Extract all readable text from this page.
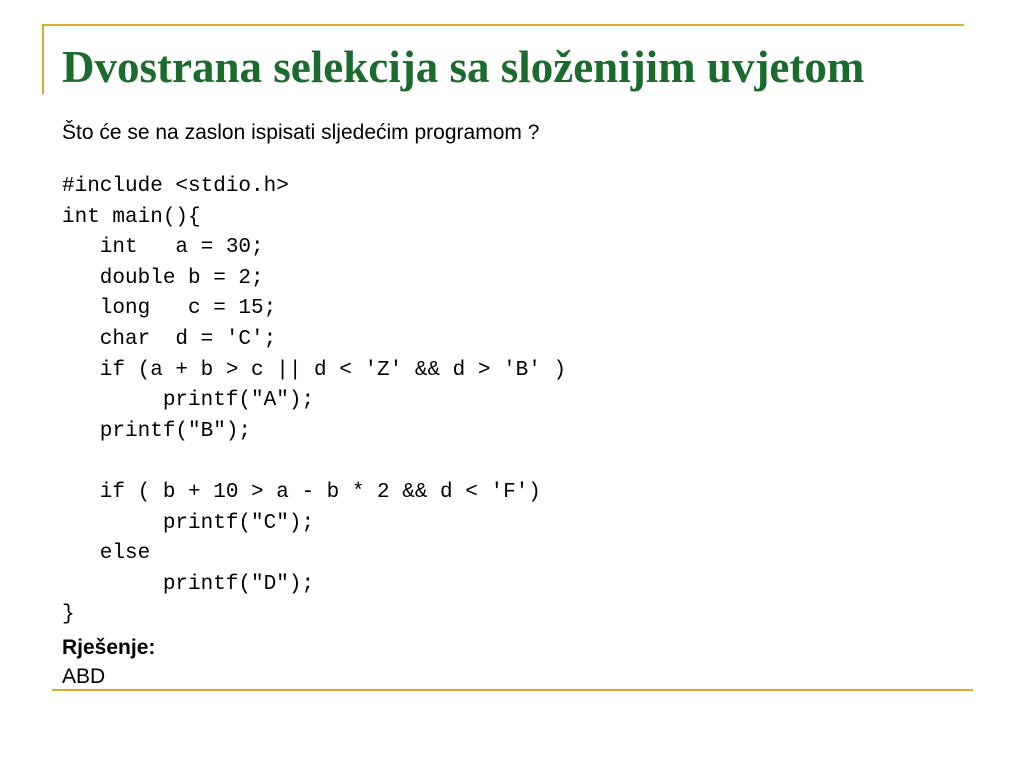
Dvostrana selekcija sa složenijim uvjetom
Što će se na zaslon ispisati sljedećim programom ?
#include <stdio.h>
int main(){
int   a = 30;
double b = 2;
long   c = 15;
char  d = 'C';
if (a + b > c || d < 'Z' && d > 'B' )
printf("A");
printf("B");
if ( b + 10 > a - b * 2 && d < 'F')
printf("C");
else
printf("D");
}
Rješenje:
ABD
